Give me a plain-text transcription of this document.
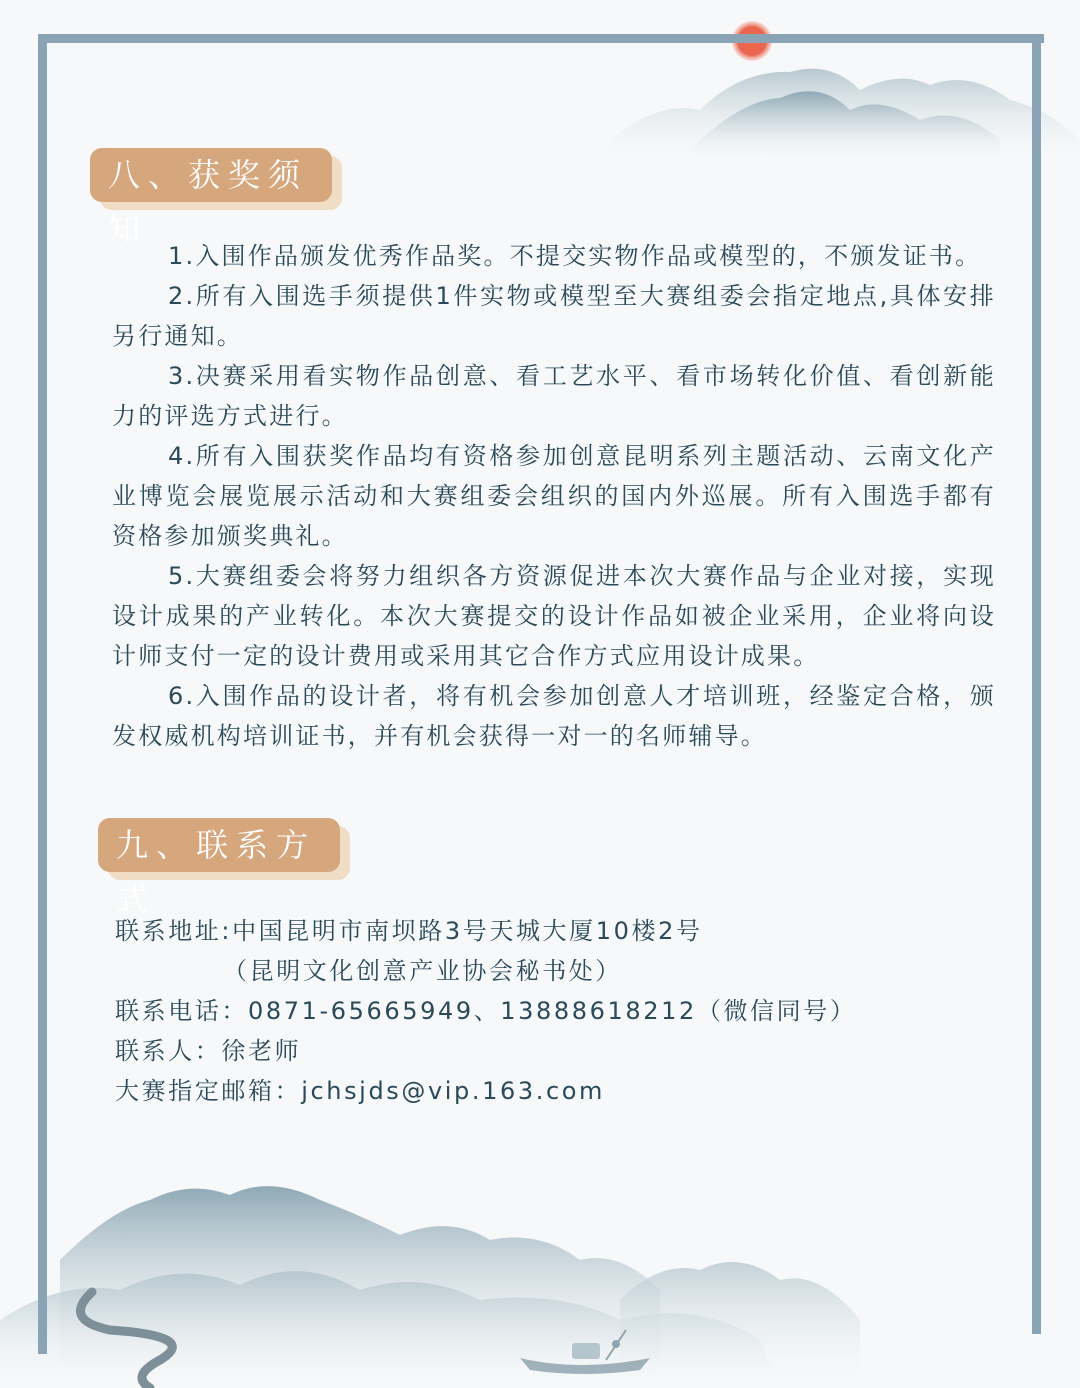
八、获奖须知

1.入围作品颁发优秀作品奖。不提交实物作品或模型的，不颁发证书。

2.所有入围选手须提供1件实物或模型至大赛组委会指定地点,具体安排另行通知。

3.决赛采用看实物作品创意、看工艺水平、看市场转化价值、看创新能力的评选方式进行。

4.所有入围获奖作品均有资格参加创意昆明系列主题活动、云南文化产业博览会展览展示活动和大赛组委会组织的国内外巡展。所有入围选手都有资格参加颁奖典礼。

5.大赛组委会将努力组织各方资源促进本次大赛作品与企业对接，实现设计成果的产业转化。本次大赛提交的设计作品如被企业采用，企业将向设计师支付一定的设计费用或采用其它合作方式应用设计成果。

6.入围作品的设计者，将有机会参加创意人才培训班，经鉴定合格，颁发权威机构培训证书，并有机会获得一对一的名师辅导。

九、联系方式
联系地址:中国昆明市南坝路3号天城大厦10楼2号
（昆明文化创意产业协会秘书处）
联系电话：0871-65665949、13888618212（微信同号）
联系人：徐老师
大赛指定邮箱：jchsjds@vip.163.com
